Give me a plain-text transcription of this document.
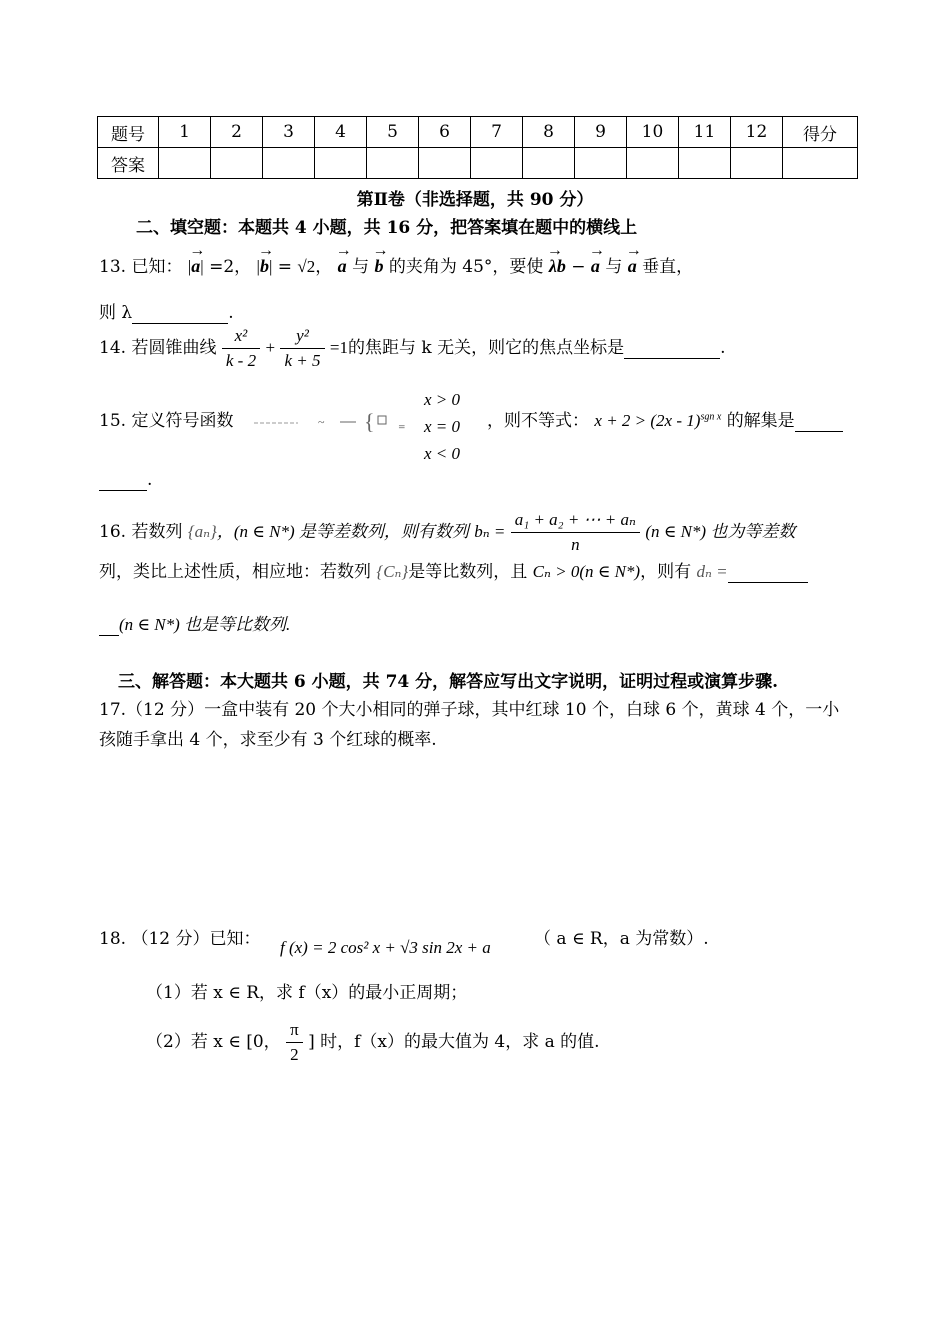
题号	1	2	3	4	5	6	7	8	9	10	11	12	得分
答案													
第Ⅱ卷（非选择题，共 90 分）
二、填空题：本题共 4 小题，共 16 分，把答案填在题中的横线上
13. 已知： |→ a| =2， |→ b| = √2， → a 与 → b 的夹角为 45°，要使 → λb − → a 与 → a 垂直，
则 λ	.
14. 若圆锥曲线 $\frac{\text{x²}}{k - 2} + \frac{\text{y²}}{k + 5} =1$的焦距与 k 无关，则它的焦点坐标是	.
15. 定义符号函数	~ {	=
x > 0
x = 0
x < 0
，则不等式： x + 2 > (2x - 1)$^{sgn x}$ 的解集是
.
16. 若数列 {aₙ}，(n ∈ N*) 是等差数列，则有数列 $b_n = \frac{\text{a₁ + a₂ + ⋯ + aₙ}}{n} (n$ ∈ N*) 也为等差数
列，类比上述性质，相应地：若数列 {Cₙ}是等比数列，且 Cₙ > 0(n ∈ N*)，则有 dₙ =
(n ∈ N*) 也是等比数列.
三、解答题：本大题共 6 小题，共 74 分，解答应写出文字说明，证明过程或演算步骤.
17.（12 分）一盒中装有 20 个大小相同的弹子球，其中红球 10 个，白球 6 个，黄球 4 个，一小
孩随手拿出 4 个，求至少有 3 个红球的概率.
18. （12 分）已知： f (x) = 2 cos² x + √3 sin 2x + a	（ a ∈ R，a 为常数）.
（1）若 x ∈ R，求 f（x）的最小正周期；
（2）若 x ∈ [0， $\frac{\pi}{2}$ ] 时，f（x）的最大值为 4，求 a 的值.
